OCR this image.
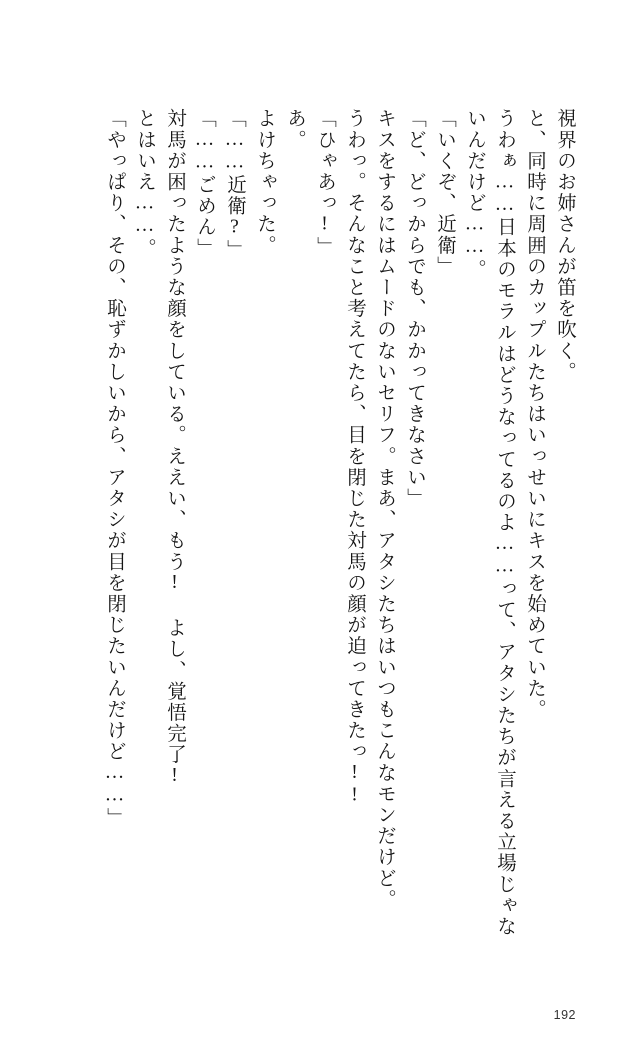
視界のお姉さんが笛を吹く。
と、同時に周囲のカップルたちはいっせいにキスを始めていた。
うわぁ……日本のモラルはどうなってるのよ……って、アタシたちが言える立場じゃな
いんだけど……。
「いくぞ、近衛」
「ど、どっからでも、かかってきなさい」
キスをするにはムードのないセリフ。まあ、アタシたちはいつもこんなモンだけど。
うわっ。そんなこと考えてたら、目を閉じた対馬の顔が迫ってきたっ!!
「ひゃあっ!」
あ。
よけちゃった。
「……近衛?」
「……ごめん」
対馬が困ったような顔をしている。ええい、もう! よし、覚悟完了!
とはいえ……。
「やっぱり、その、恥ずかしいから、アタシが目を閉じたいんだけど……」
192
